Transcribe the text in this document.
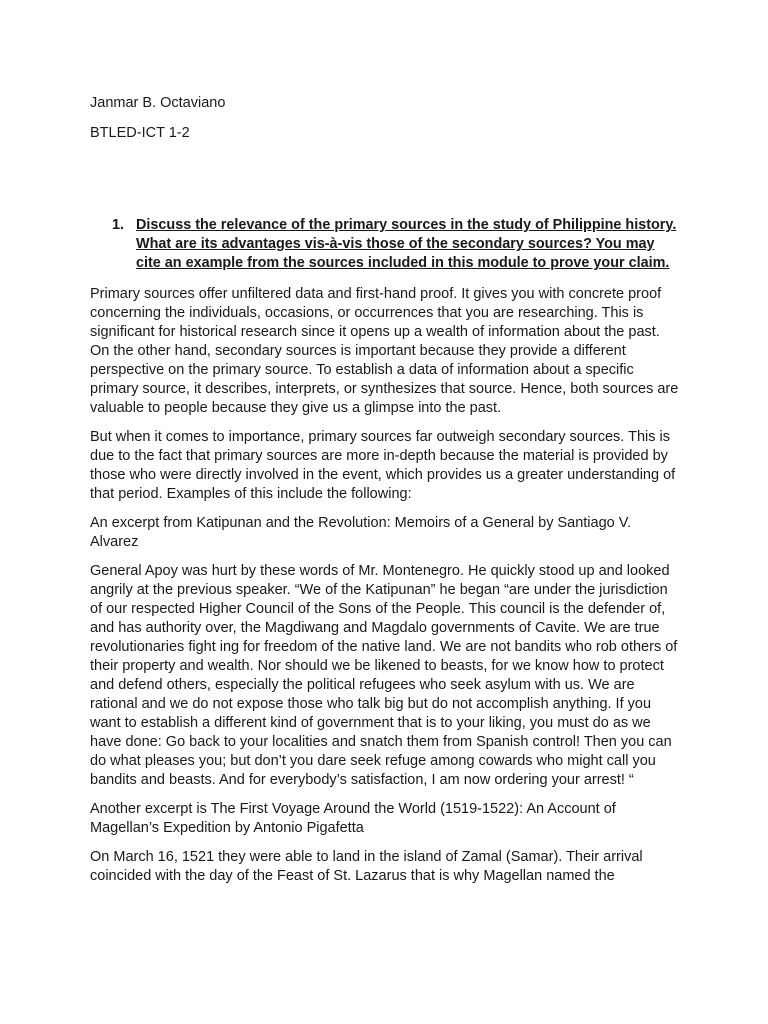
Janmar B. Octaviano
BTLED-ICT 1-2
1. Discuss the relevance of the primary sources in the study of Philippine history. What are its advantages vis-à-vis those of the secondary sources? You may cite an example from the sources included in this module to prove your claim.

Primary sources offer unfiltered data and first-hand proof. It gives you with concrete proof concerning the individuals, occasions, or occurrences that you are researching. This is significant for historical research since it opens up a wealth of information about the past. On the other hand, secondary sources is important because they provide a different perspective on the primary source. To establish a data of information about a specific primary source, it describes, interprets, or synthesizes that source. Hence, both sources are valuable to people because they give us a glimpse into the past.

But when it comes to importance, primary sources far outweigh secondary sources. This is due to the fact that primary sources are more in-depth because the material is provided by those who were directly involved in the event, which provides us a greater understanding of that period. Examples of this include the following:

An excerpt from Katipunan and the Revolution: Memoirs of a General by Santiago V. Alvarez

General Apoy was hurt by these words of Mr. Montenegro. He quickly stood up and looked angrily at the previous speaker. “We of the Katipunan” he began “are under the jurisdiction of our respected Higher Council of the Sons of the People. This council is the defender of, and has authority over, the Magdiwang and Magdalo governments of Cavite. We are true revolutionaries fight ing for freedom of the native land. We are not bandits who rob others of their property and wealth. Nor should we be likened to beasts, for we know how to protect and defend others, especially the political refugees who seek asylum with us. We are rational and we do not expose those who talk big but do not accomplish anything. If you want to establish a different kind of government that is to your liking, you must do as we have done: Go back to your localities and snatch them from Spanish control! Then you can do what pleases you; but don’t you dare seek refuge among cowards who might call you bandits and beasts. And for everybody’s satisfaction, I am now ordering your arrest! “

Another excerpt is The First Voyage Around the World (1519-1522): An Account of Magellan’s Expedition by Antonio Pigafetta

On March 16, 1521 they were able to land in the island of Zamal (Samar). Their arrival coincided with the day of the Feast of St. Lazarus that is why Magellan named the
